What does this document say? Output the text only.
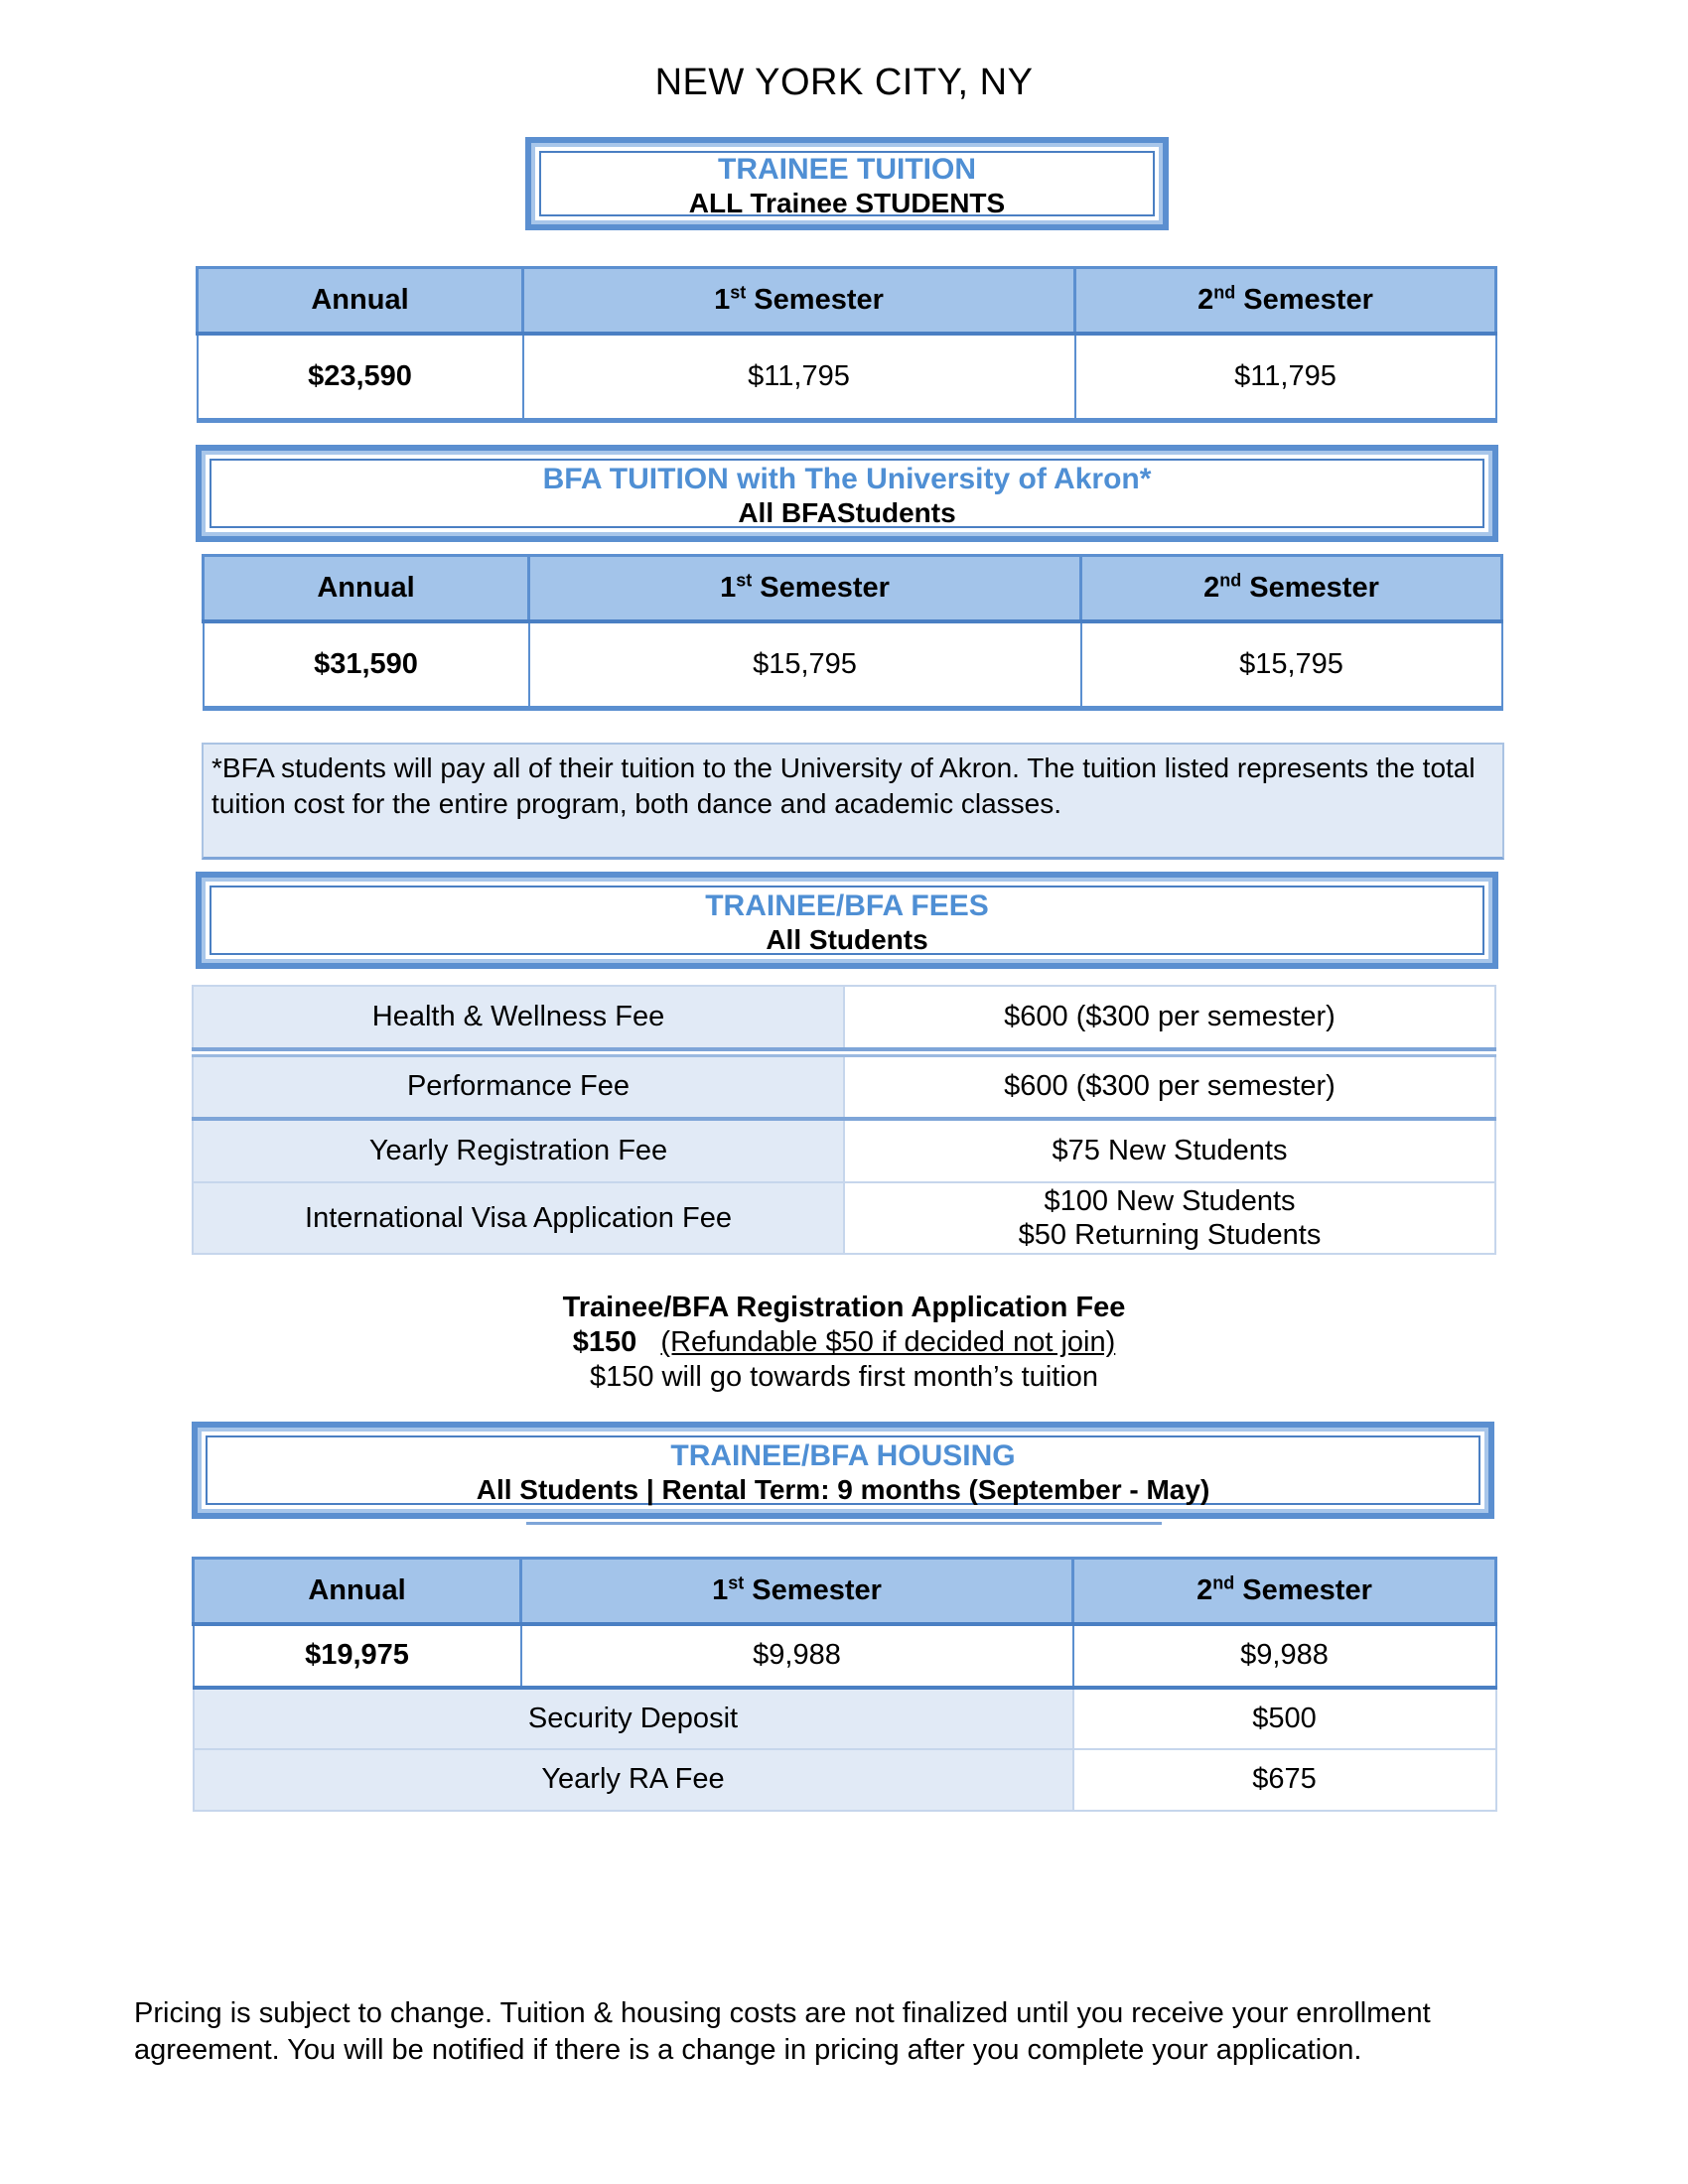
NEW YORK CITY, NY
TRAINEE TUITION
ALL Trainee STUDENTS
Annual	1st Semester	2nd Semester
$23,590	$11,795	$11,795
BFA TUITION with The University of Akron*
All BFAStudents
Annual	1st Semester	2nd Semester
$31,590	$15,795	$15,795
*BFA students will pay all of their tuition to the University of Akron. The tuition listed represents the total tuition cost for the entire program, both dance and academic classes.
TRAINEE/BFA FEES
All Students
Health & Wellness Fee	$600 ($300 per semester)

Performance Fee	$600 ($300 per semester)
Yearly Registration Fee	$75 New Students
International Visa Application Fee	$100 New Students
$50 Returning Students
Trainee/BFA Registration Application Fee
$150 (Refundable $50 if decided not join)
$150 will go towards first month’s tuition
TRAINEE/BFA HOUSING
All Students | Rental Term: 9 months (September - May)
Annual	1st Semester	2nd Semester
$19,975	$9,988	$9,988
Security Deposit		$500
Yearly RA Fee		$675
Pricing is subject to change. Tuition & housing costs are not finalized until you receive your enrollment agreement. You will be notified if there is a change in pricing after you complete your application.
